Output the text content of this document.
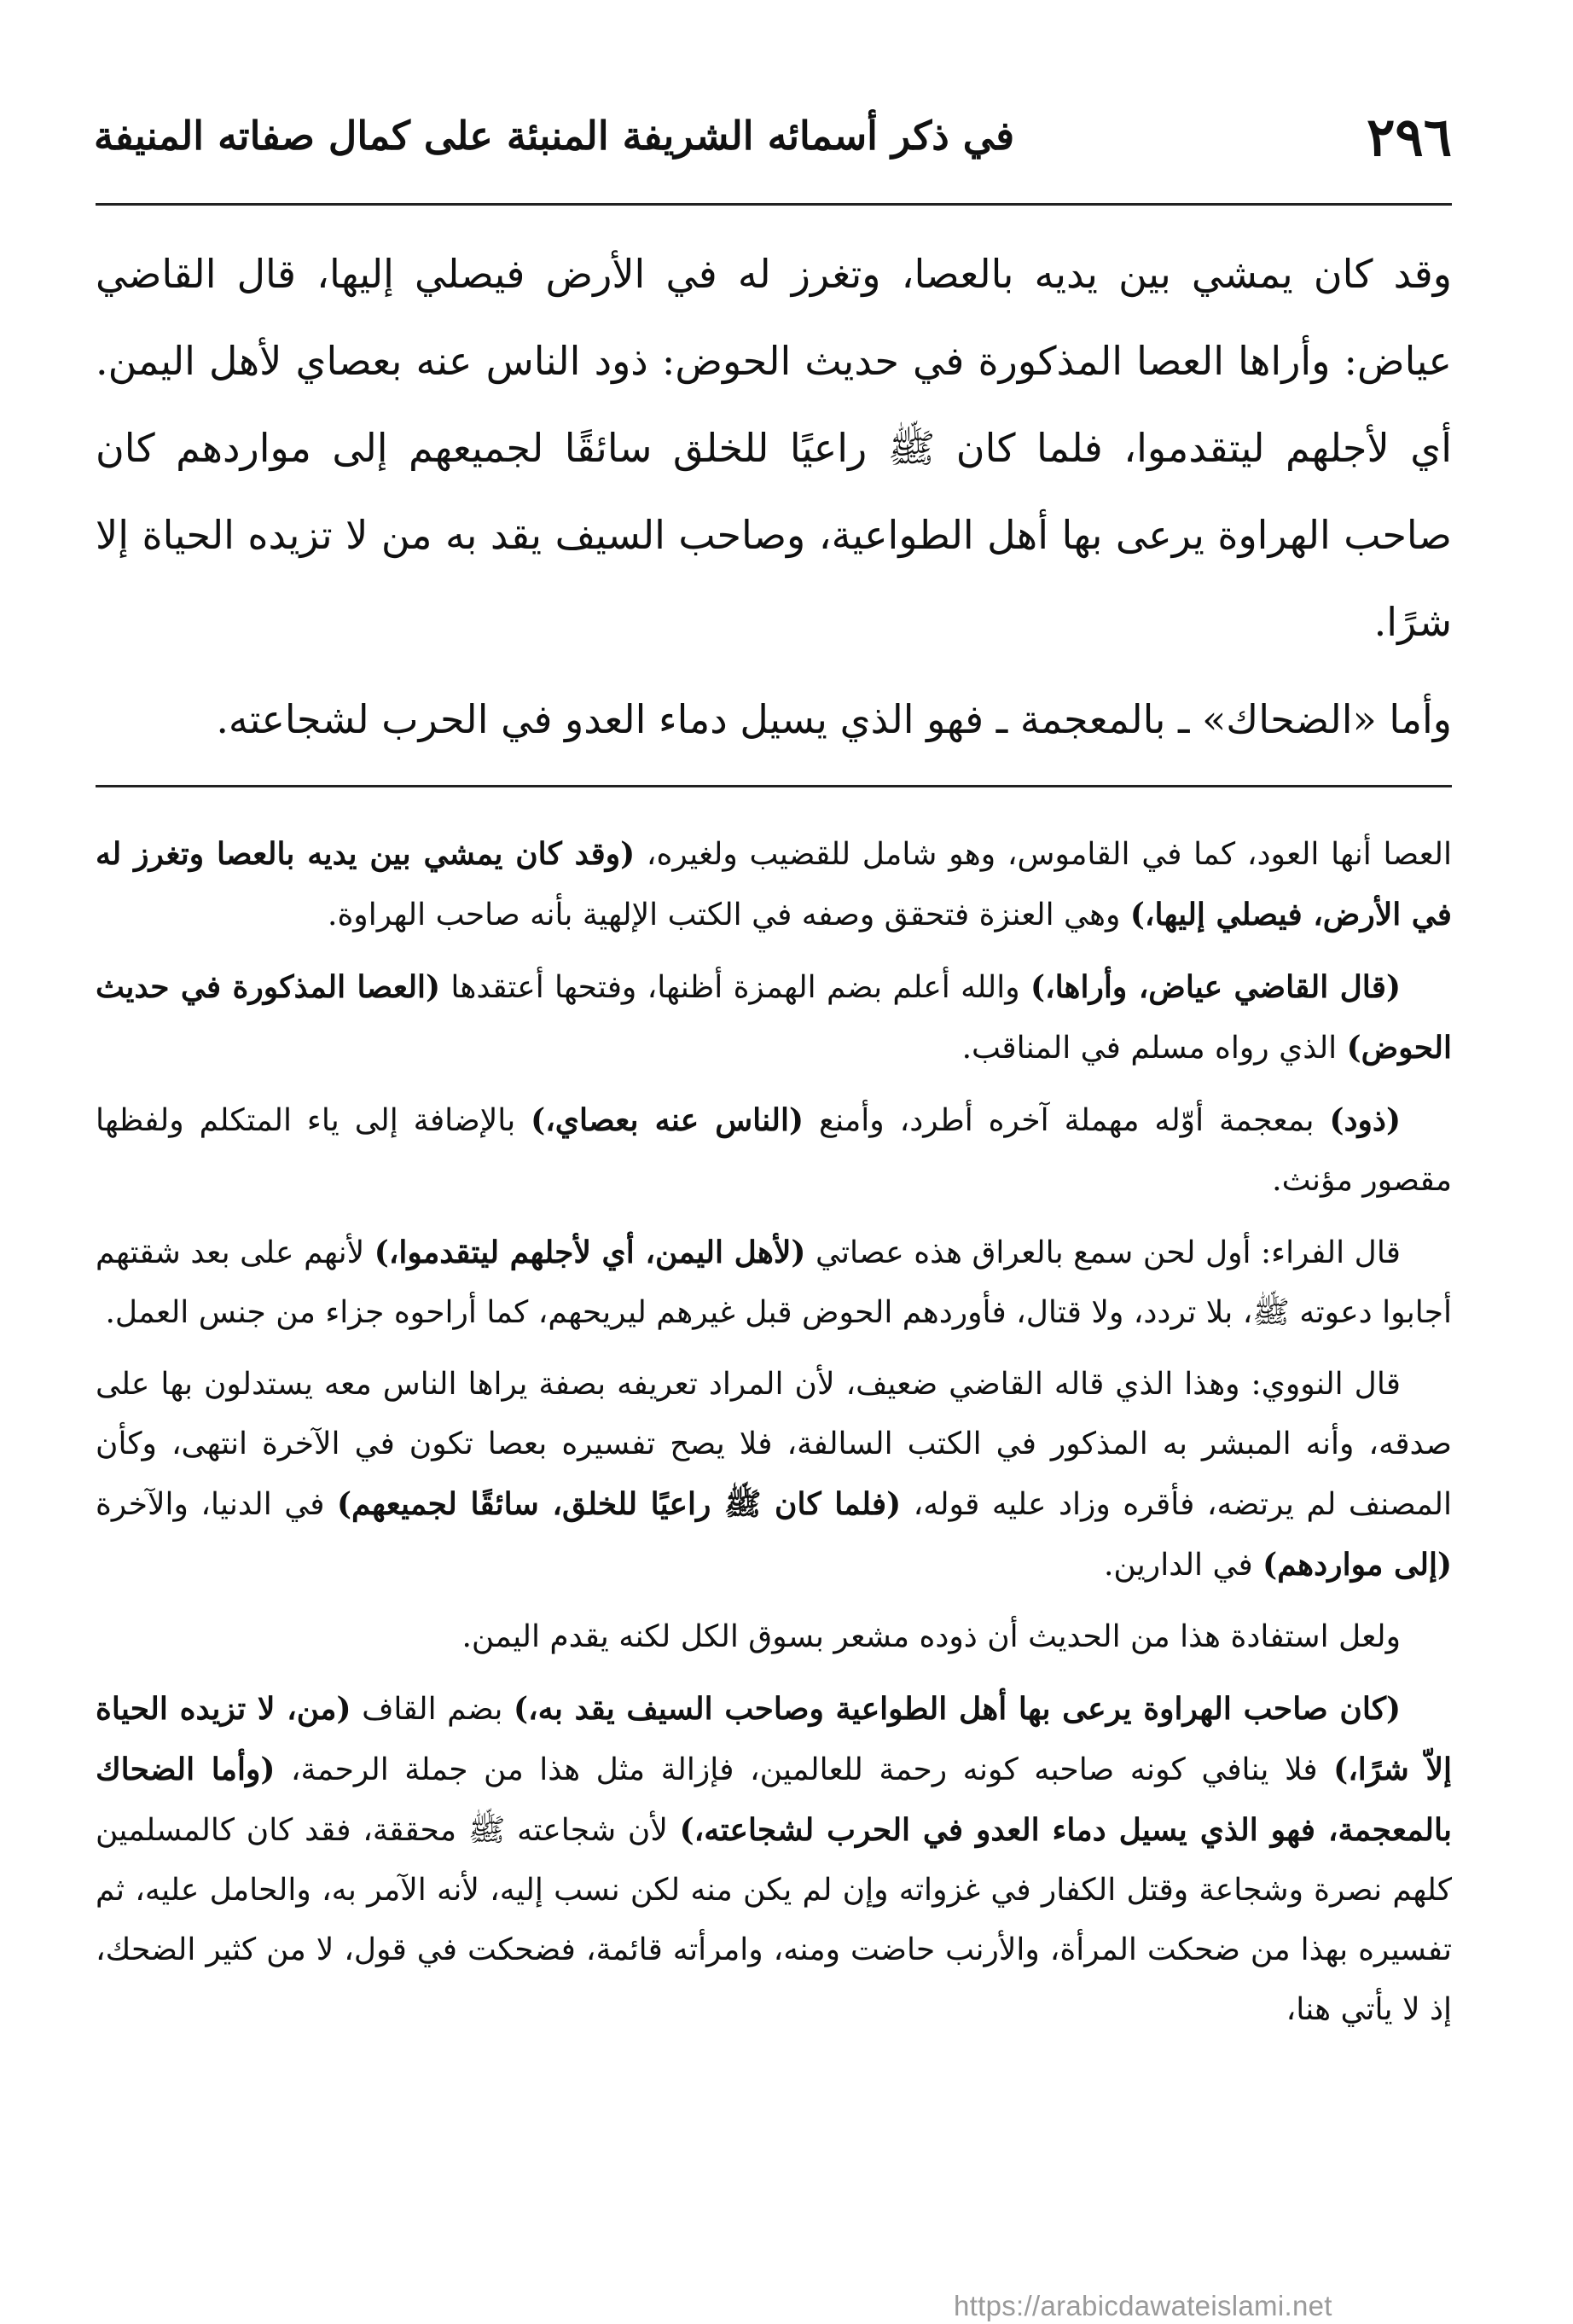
٢٩٦
في ذكر أسمائه الشريفة المنبئة على كمال صفاته المنيفة

وقد كان يمشي بين يديه بالعصا، وتغرز له في الأرض فيصلي إليها، قال القاضي عياض: وأراها العصا المذكورة في حديث الحوض: ذود الناس عنه بعصاي لأهل اليمن. أي لأجلهم ليتقدموا، فلما كان ﷺ راعيًا للخلق سائقًا لجميعهم إلى مواردهم كان صاحب الهراوة يرعى بها أهل الطواعية، وصاحب السيف يقد به من لا تزيده الحياة إلا شرًا.

وأما «الضحاك» ـ بالمعجمة ـ فهو الذي يسيل دماء العدو في الحرب لشجاعته.

العصا أنها العود، كما في القاموس، وهو شامل للقضيب ولغيره، (وقد كان يمشي بين يديه بالعصا وتغرز له في الأرض، فيصلي إليها،) وهي العنزة فتحقق وصفه في الكتب الإلهية بأنه صاحب الهراوة.

(قال القاضي عياض، وأراها،) والله أعلم بضم الهمزة أظنها، وفتحها أعتقدها (العصا المذكورة في حديث الحوض) الذي رواه مسلم في المناقب.

(ذود) بمعجمة أوّله مهملة آخره أطرد، وأمنع (الناس عنه بعصاي،) بالإضافة إلى ياء المتكلم ولفظها مقصور مؤنث.

قال الفراء: أول لحن سمع بالعراق هذه عصاتي (لأهل اليمن، أي لأجلهم ليتقدموا،) لأنهم على بعد شقتهم أجابوا دعوته ﷺ، بلا تردد، ولا قتال، فأوردهم الحوض قبل غيرهم ليريحهم، كما أراحوه جزاء من جنس العمل.

قال النووي: وهذا الذي قاله القاضي ضعيف، لأن المراد تعريفه بصفة يراها الناس معه يستدلون بها على صدقه، وأنه المبشر به المذكور في الكتب السالفة، فلا يصح تفسيره بعصا تكون في الآخرة انتهى، وكأن المصنف لم يرتضه، فأقره وزاد عليه قوله، (فلما كان ﷺ راعيًا للخلق، سائقًا لجميعهم) في الدنيا، والآخرة (إلى مواردهم) في الدارين.

ولعل استفادة هذا من الحديث أن ذوده مشعر بسوق الكل لكنه يقدم اليمن.

(كان صاحب الهراوة يرعى بها أهل الطواعية وصاحب السيف يقد به،) بضم القاف (من، لا تزيده الحياة إلاّ شرًا،) فلا ينافي كونه صاحبه كونه رحمة للعالمين، فإزالة مثل هذا من جملة الرحمة، (وأما الضحاك بالمعجمة، فهو الذي يسيل دماء العدو في الحرب لشجاعته،) لأن شجاعته ﷺ محققة، فقد كان كالمسلمين كلهم نصرة وشجاعة وقتل الكفار في غزواته وإن لم يكن منه لكن نسب إليه، لأنه الآمر به، والحامل عليه، ثم تفسيره بهذا من ضحكت المرأة، والأرنب حاضت ومنه، وامرأته قائمة، فضحكت في قول، لا من كثير الضحك، إذ لا يأتي هنا،

https://arabicdawateislami.net
